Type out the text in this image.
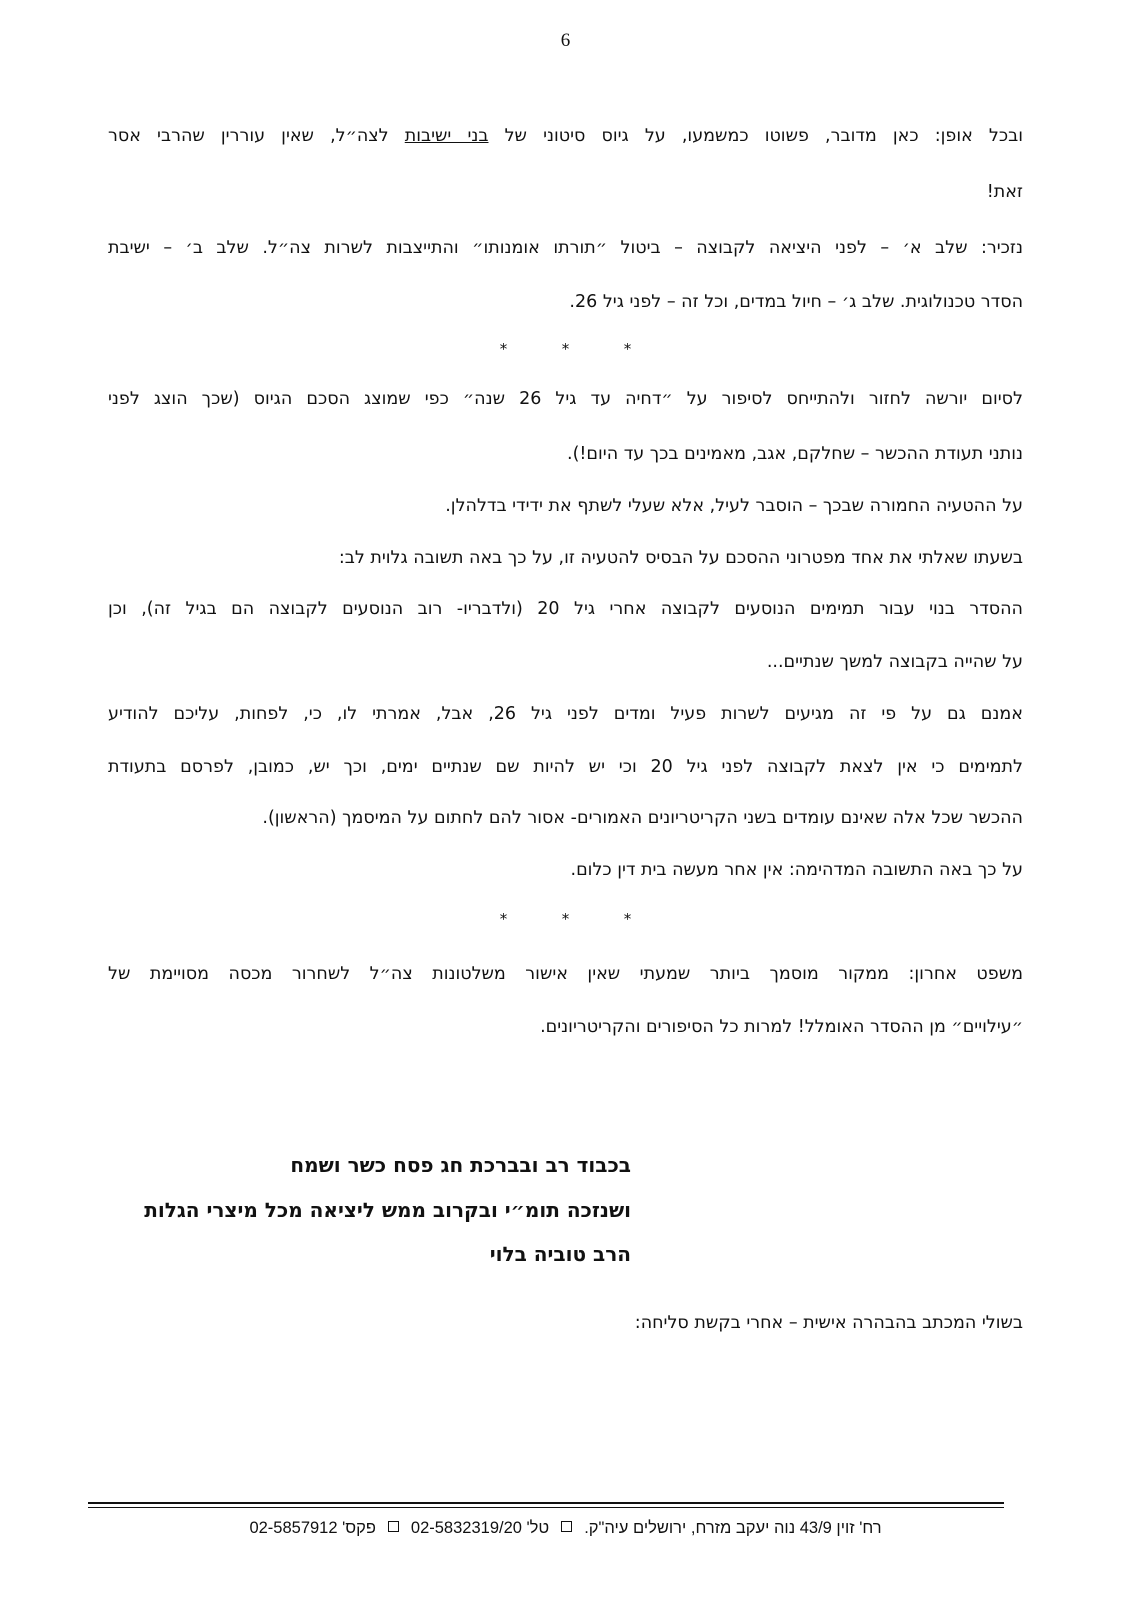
6
ובכל אופן: כאן מדובר, פשוטו כמשמעו, על גיוס סיטוני של בני ישיבות לצה״ל, שאין עוררין שהרבי אסר
זאת!
נזכיר: שלב א׳ – לפני היציאה לקבוצה – ביטול ״תורתו אומנותו״ והתייצבות לשרות צה״ל. שלב ב׳ – ישיבת
הסדר טכנולוגית. שלב ג׳ – חיול במדים, וכל זה – לפני גיל 26.
*	*	*
לסיום יורשה לחזור ולהתייחס לסיפור על ״דחיה עד גיל 26 שנה״ כפי שמוצג הסכם הגיוס (שכך הוצג לפני
נותני תעודת ההכשר – שחלקם, אגב, מאמינים בכך עד היום!).
על ההטעיה החמורה שבכך – הוסבר לעיל, אלא שעלי לשתף את ידידי בדלהלן.
בשעתו שאלתי את אחד מפטרוני ההסכם על הבסיס להטעיה זו, על כך באה תשובה גלוית לב:
ההסדר בנוי עבור תמימים הנוסעים לקבוצה אחרי גיל 20 (ולדבריו- רוב הנוסעים לקבוצה הם בגיל זה), וכן
על שהייה בקבוצה למשך שנתיים...
אמנם גם על פי זה מגיעים לשרות פעיל ומדים לפני גיל 26, אבל, אמרתי לו, כי, לפחות, עליכם להודיע
לתמימים כי אין לצאת לקבוצה לפני גיל 20 וכי יש להיות שם שנתיים ימים, וכך יש, כמובן, לפרסם בתעודת
ההכשר שכל אלה שאינם עומדים בשני הקריטריונים האמורים- אסור להם לחתום על המיסמך (הראשון).
על כך באה התשובה המדהימה: אין אחר מעשה בית דין כלום.
*	*	*
משפט אחרון: ממקור מוסמך ביותר שמעתי שאין אישור משלטונות צה״ל לשחרור מכסה מסויימת של
״עילויים״ מן ההסדר האומלל! למרות כל הסיפורים והקריטריונים.
בכבוד רב ובברכת חג פסח כשר ושמח
ושנזכה תומ״י ובקרוב ממש ליציאה מכל מיצרי הגלות
הרב טוביה בלוי
בשולי המכתב בהבהרה אישית – אחרי בקשת סליחה:
רח' זוין 43/9 נוה יעקב מזרח, ירושלים עיה"ק.טל' 02-5832319/20פקס' 02-5857912
